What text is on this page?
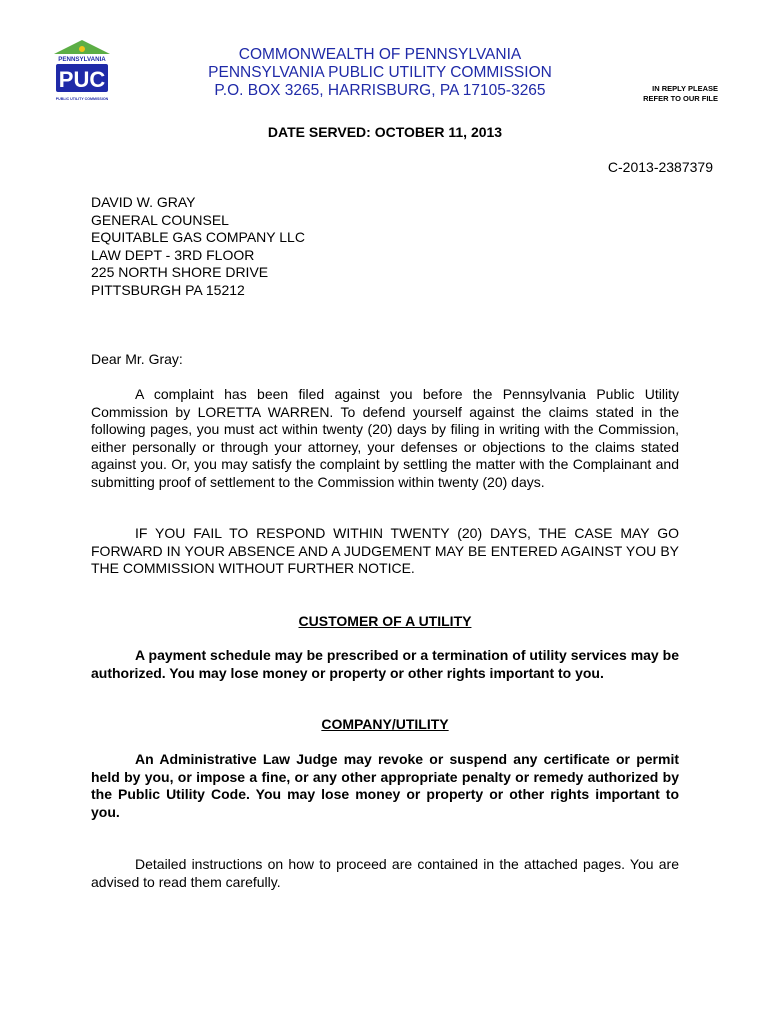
PENNSYLVANIA
PUC
PUBLIC UTILITY COMMISSION
COMMONWEALTH OF PENNSYLVANIA
PENNSYLVANIA PUBLIC UTILITY COMMISSION
P.O. BOX 3265, HARRISBURG, PA 17105-3265	IN REPLY PLEASE
REFER TO OUR FILE
DATE SERVED: OCTOBER 11, 2013
C-2013-2387379
DAVID W. GRAY
GENERAL COUNSEL
EQUITABLE GAS COMPANY LLC
LAW DEPT - 3RD FLOOR
225 NORTH SHORE DRIVE
PITTSBURGH PA 15212
Dear Mr. Gray:
A complaint has been filed against you before the Pennsylvania Public Utility Commission by LORETTA WARREN. To defend yourself against the claims stated in the following pages, you must act within twenty (20) days by filing in writing with the Commission, either personally or through your attorney, your defenses or objections to the claims stated against you. Or, you may satisfy the complaint by settling the matter with the Complainant and submitting proof of settlement to the Commission within twenty (20) days.
IF YOU FAIL TO RESPOND WITHIN TWENTY (20) DAYS, THE CASE MAY GO FORWARD IN YOUR ABSENCE AND A JUDGEMENT MAY BE ENTERED AGAINST YOU BY THE COMMISSION WITHOUT FURTHER NOTICE.
CUSTOMER OF A UTILITY
A payment schedule may be prescribed or a termination of utility services may be authorized. You may lose money or property or other rights important to you.
COMPANY/UTILITY
An Administrative Law Judge may revoke or suspend any certificate or permit held by you, or impose a fine, or any other appropriate penalty or remedy authorized by the Public Utility Code. You may lose money or property or other rights important to you.
Detailed instructions on how to proceed are contained in the attached pages. You are advised to read them carefully.
